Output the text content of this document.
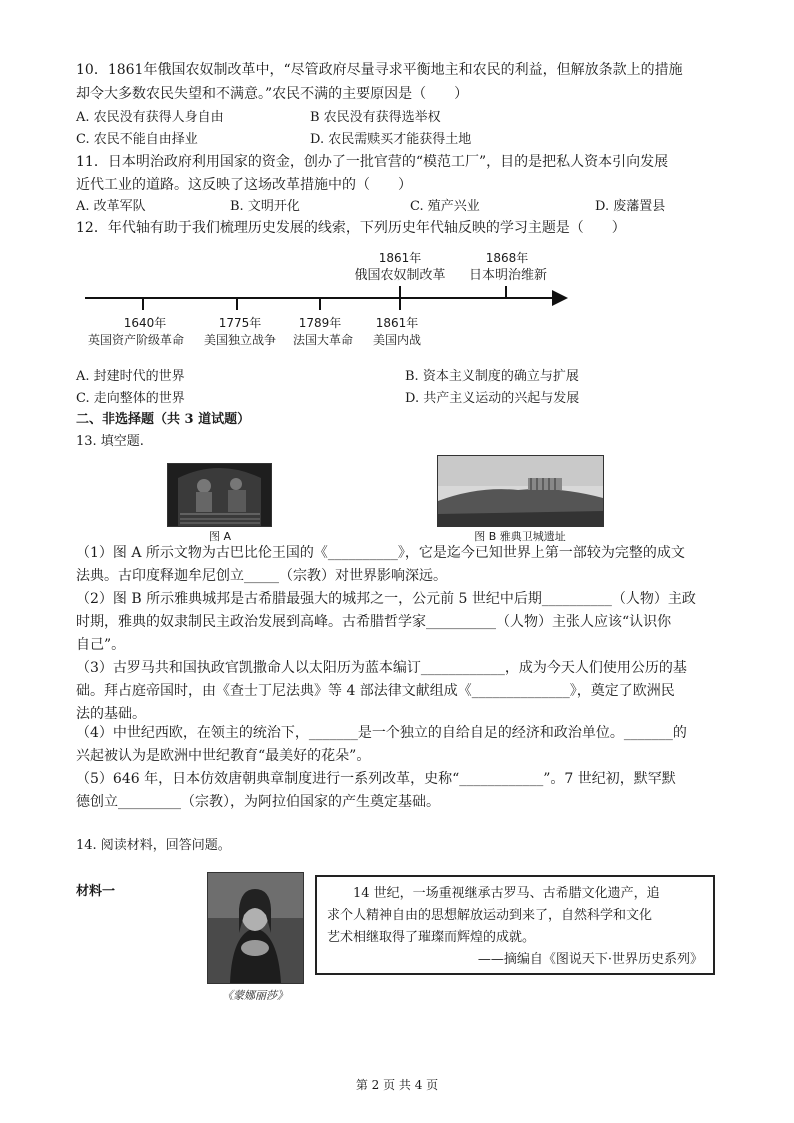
10．1861年俄国农奴制改革中，“尽管政府尽量寻求平衡地主和农民的利益，但解放条款上的措施
却令大多数农民失望和不满意。”农民不满的主要原因是（　　）
A. 农民没有获得人身自由	B 农民没有获得选举权
C. 农民不能自由择业	D. 农民需赎买才能获得土地
11．日本明治政府利用国家的资金，创办了一批官营的“模范工厂”，目的是把私人资本引向发展
近代工业的道路。这反映了这场改革措施中的（　　）
A. 改革军队	B. 文明开化	C. 殖产兴业	D. 废藩置县
12．年代轴有助于我们梳理历史发展的线索，下列历史年代轴反映的学习主题是（　　）
1861年
俄国农奴制改革
1868年
日本明治维新
1640年
英国资产阶级革命
1775年
美国独立战争
1789年
法国大革命
1861年
美国内战
A. 封建时代的世界	B. 资本主义制度的确立与扩展
C. 走向整体的世界	D. 共产主义运动的兴起与发展
二、非选择题（共 3 道试题）
13. 填空题.
图 A	图 B 雅典卫城遗址
（1）图 A 所示文物为古巴比伦王国的《__________》，它是迄今已知世界上第一部较为完整的成文
法典。古印度释迦牟尼创立_____（宗教）对世界影响深远。
（2）图 B 所示雅典城邦是古希腊最强大的城邦之一，公元前 5 世纪中后期__________（人物）主政
时期，雅典的奴隶制民主政治发展到高峰。古希腊哲学家__________（人物）主张人应该“认识你
自己”。
（3）古罗马共和国执政官凯撒命人以太阳历为蓝本编订____________，成为今天人们使用公历的基
础。拜占庭帝国时，由《查士丁尼法典》等 4 部法律文献组成《______________》，奠定了欧洲民
法的基础。
（4）中世纪西欧，在领主的统治下，_______是一个独立的自给自足的经济和政治单位。_______的
兴起被认为是欧洲中世纪教育“最美好的花朵”。
（5）646 年，日本仿效唐朝典章制度进行一系列改革，史称“____________”。7 世纪初，默罕默
德创立_________（宗教），为阿拉伯国家的产生奠定基础。
14. 阅读材料，回答问题。
材料一
《蒙娜丽莎》
14 世纪，一场重视继承古罗马、古希腊文化遗产，追
求个人精神自由的思想解放运动到来了，自然科学和文化
艺术相继取得了璀璨而辉煌的成就。
——摘编自《图说天下·世界历史系列》
第 2 页 共 4 页
